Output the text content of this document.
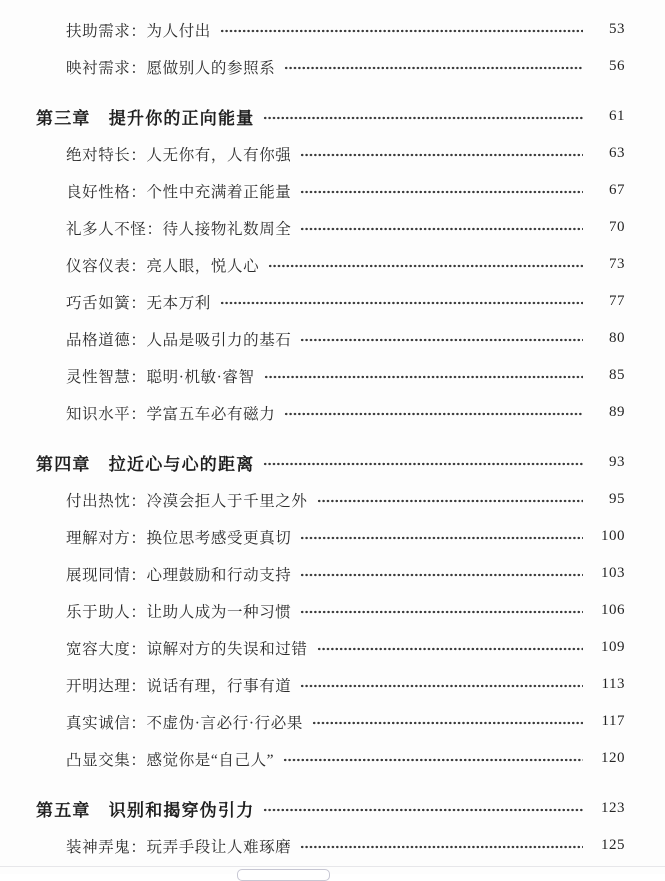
扶助需求：为人付出	53
映衬需求：愿做别人的参照系	56
第三章　提升你的正向能量	61
绝对特长：人无你有，人有你强	63
良好性格：个性中充满着正能量	67
礼多人不怪：待人接物礼数周全	70
仪容仪表：亮人眼，悦人心	73
巧舌如簧：无本万利	77
品格道德：人品是吸引力的基石	80
灵性智慧：聪明·机敏·睿智	85
知识水平：学富五车必有磁力	89
第四章　拉近心与心的距离	93
付出热忱：冷漠会拒人于千里之外	95
理解对方：换位思考感受更真切	100
展现同情：心理鼓励和行动支持	103
乐于助人：让助人成为一种习惯	106
宽容大度：谅解对方的失误和过错	109
开明达理：说话有理，行事有道	113
真实诚信：不虚伪·言必行·行必果	117
凸显交集：感觉你是“自己人”	120
第五章　识别和揭穿伪引力	123
装神弄鬼：玩弄手段让人难琢磨	125
